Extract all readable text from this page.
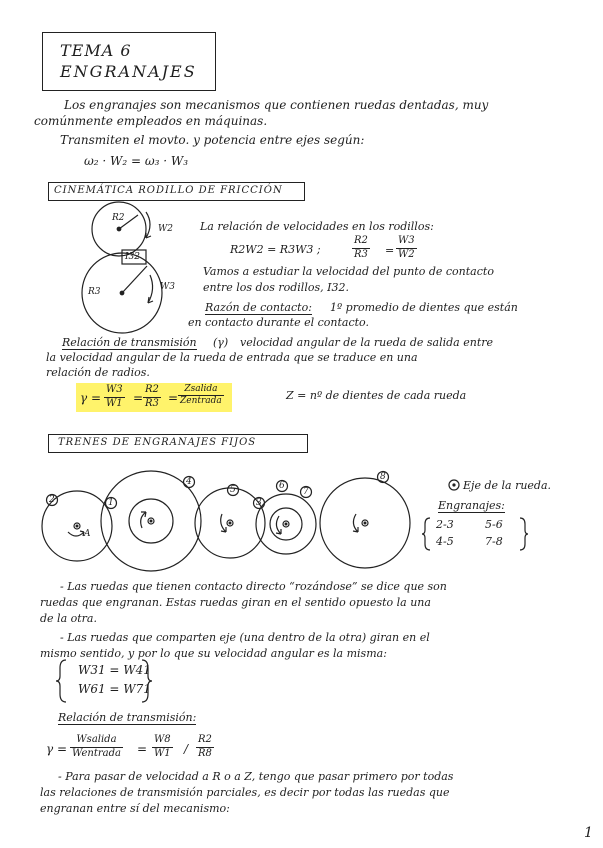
TEMA 6
ENGRANAJES
Los engranajes son mecanismos que contienen ruedas dentadas, muy
comúnmente empleados en máquinas.
Transmiten el movto. y potencia entre ejes según:
ω₂ · W₂ = ω₃ · W₃
CINEMÁTICA RODILLO DE FRICCIÓN
R2
W2
I32
R3	W3
La relación de velocidades en los rodillos:
R2W2 = R3W3 ;	$\frac{R2}{R3} = \frac{W3}{W2}$
Vamos a estudiar la velocidad del punto de contacto
entre los dos rodillos, I32.
Razón de contacto: 1º promedio de dientes que están
en contacto durante el contacto.
Relación de transmisión (γ) velocidad angular de la rueda de salida entre
la velocidad angular de la rueda de entrada que se traduce en una
relación de radios.
$\gamma = \frac{W3}{W1} = \frac{R2}{R3}$ =
Zsalida
Zentrada	Z = nº de dientes de cada rueda
TRENES DE ENGRANAJES FIJOS
2	1
4
5
3
6
7
8
A
Eje de la rueda.
Engranajes:
2-3	5-6
4-5	7-8
- Las ruedas que tienen contacto directo “rozándose” se dice que son
ruedas que engranan. Estas ruedas giran en el sentido opuesto la una
de la otra.
- Las ruedas que comparten eje (una dentro de la otra) giran en el
mismo sentido, y por lo que su velocidad angular es la misma:
W31 = W41
W61 = W71
Relación de transmisión:
γ =
Wsalida
Wentrada = $\frac{W8}{W1} / \frac{R2}{R8}$
- Para pasar de velocidad a R o a Z, tengo que pasar primero por todas
las relaciones de transmisión parciales, es decir por todas las ruedas que
engranan entre sí del mecanismo:
1
